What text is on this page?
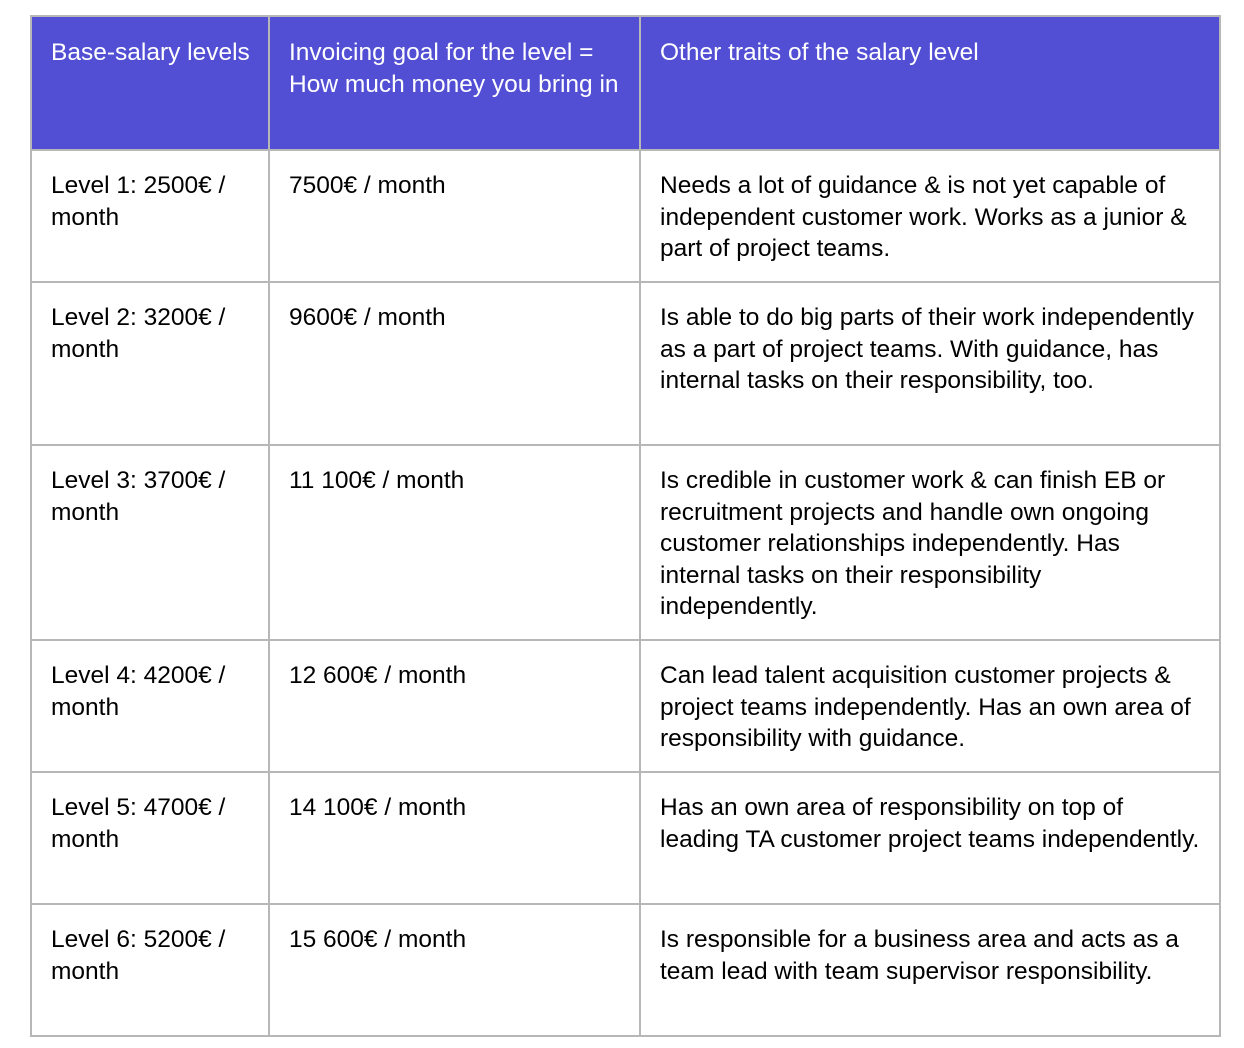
Base-salary levels	Invoicing goal for the level = How much money you bring in	Other traits of the salary level
Level 1: 2500€ / month	7500€ / month	Needs a lot of guidance & is not yet capable of independent customer work. Works as a junior & part of project teams.
Level 2: 3200€ / month	9600€ / month	Is able to do big parts of their work independently as a part of project teams. With guidance, has internal tasks on their responsibility, too.
Level 3: 3700€ / month	11 100€ / month	Is credible in customer work & can finish EB or recruitment projects and handle own ongoing customer relationships independently. Has internal tasks on their responsibility independently.
Level 4: 4200€ / month	12 600€ / month	Can lead talent acquisition customer projects & project teams independently. Has an own area of responsibility with guidance.
Level 5: 4700€ / month	14 100€ / month	Has an own area of responsibility on top of leading TA customer project teams independently.
Level 6: 5200€ / month	15 600€ / month	Is responsible for a business area and acts as a team lead with team supervisor responsibility.
